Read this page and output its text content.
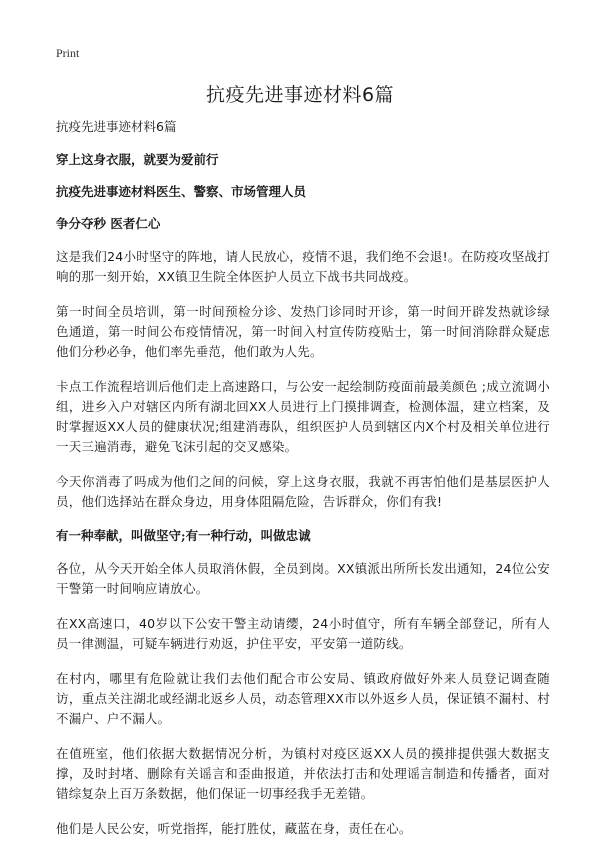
Print
抗疫先进事迹材料6篇

抗疫先进事迹材料6篇

穿上这身衣服，就要为爱前行

抗疫先进事迹材料医生、警察、市场管理人员

争分夺秒 医者仁心

这是我们24小时坚守的阵地，请人民放心，疫情不退，我们绝不会退!。在防疫攻坚战打响的那一刻开始，XX镇卫生院全体医护人员立下战书共同战疫。

第一时间全员培训，第一时间预检分诊、发热门诊同时开诊，第一时间开辟发热就诊绿色通道，第一时间公布疫情情况，第一时间入村宣传防疫贴士，第一时间消除群众疑虑他们分秒必争，他们率先垂范，他们敢为人先。

卡点工作流程培训后他们走上高速路口，与公安一起绘制防疫面前最美颜色 ;成立流调小组，进乡入户对辖区内所有湖北回XX人员进行上门摸排调查，检测体温，建立档案，及时掌握返XX人员的健康状况;组建消毒队，组织医护人员到辖区内X个村及相关单位进行一天三遍消毒，避免飞沫引起的交叉感染。

今天你消毒了吗成为他们之间的问候，穿上这身衣服，我就不再害怕他们是基层医护人员，他们选择站在群众身边，用身体阻隔危险，告诉群众，你们有我!

有一种奉献，叫做坚守;有一种行动，叫做忠诚

各位，从今天开始全体人员取消休假，全员到岗。XX镇派出所所长发出通知，24位公安干警第一时间响应请放心。

在XX高速口，40岁以下公安干警主动请缨，24小时值守，所有车辆全部登记，所有人员一律测温，可疑车辆进行劝返，护住平安，平安第一道防线。

在村内，哪里有危险就让我们去他们配合市公安局、镇政府做好外来人员登记调查随访，重点关注湖北或经湖北返乡人员，动态管理XX市以外返乡人员，保证镇不漏村、村不漏户、户不漏人。

在值班室，他们依据大数据情况分析，为镇村对疫区返XX人员的摸排提供强大数据支撑，及时封堵、删除有关谣言和歪曲报道，并依法打击和处理谣言制造和传播者，面对错综复杂上百万条数据，他们保证一切事经我手无差错。

他们是人民公安，听党指挥，能打胜仗，藏蓝在身，责任在心。
